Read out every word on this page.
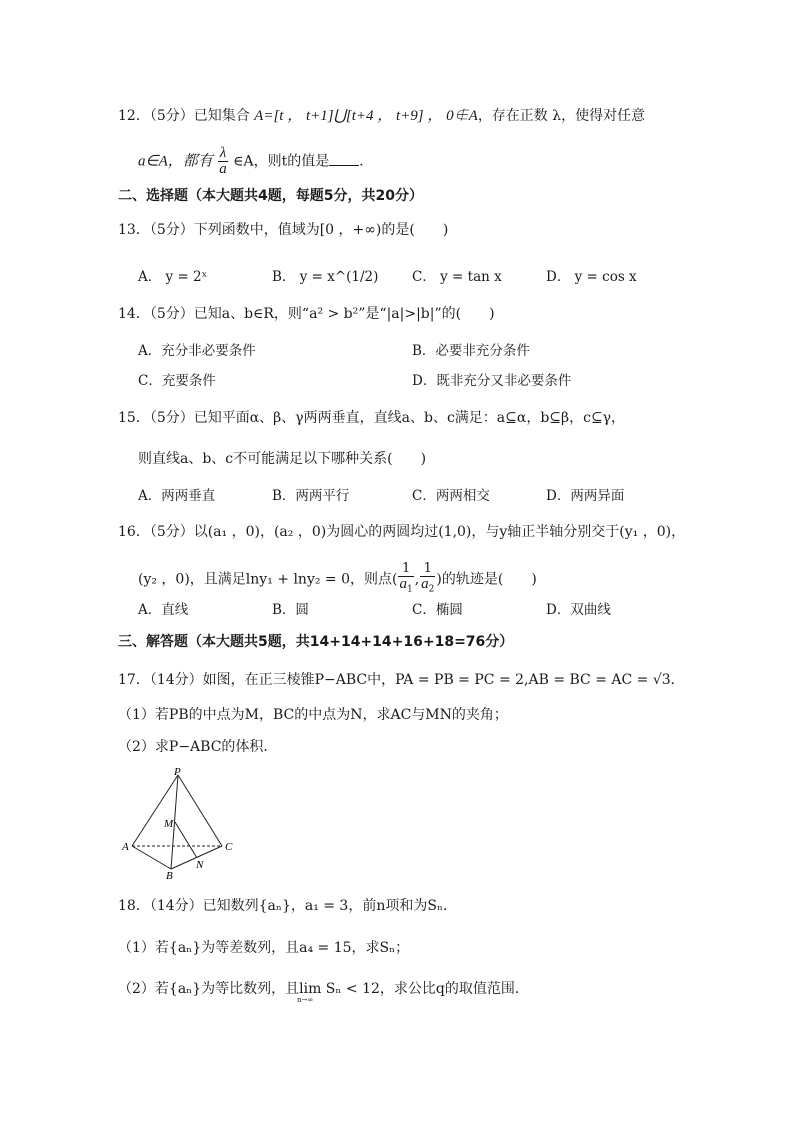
12．（5分）已知集合 A=[t ， t+1]⋃[t+4 ， t+9] ， 0∉A，存在正数 λ，使得对任意
a∈A，都有 $\frac{\lambda}{a}$ ∈A，则t的值是 ．
二、选择题（本大题共4题，每题5分，共20分）
13．（5分）下列函数中，值域为[0 ，+∞)的是(　　)
A． y = 2ˣ	B． y = x^(1/2) C． y = tan x	D． y = cos x
14．（5分）已知a、b∈R，则“a² > b²”是“|a|>|b|”的(　　)
A．充分非必要条件	B．必要非充分条件
C．充要条件	D．既非充分又非必要条件
15．（5分）已知平面α、β、γ两两垂直，直线a、b、c满足：a⊆α，b⊆β，c⊆γ，
则直线a、b、c不可能满足以下哪种关系(　　)
A．两两垂直	B．两两平行	C．两两相交	D．两两异面
16．（5分）以(a₁ ，0)，(a₂ ，0)为圆心的两圆均过(1,0)，与y轴正半轴分别交于(y₁ ，0)，
(y₂ ，0)，且满足lny₁ + lny₂ = 0，则点( $\frac{1}{a_1}$ , $\frac{1}{a_2}$ )的轨迹是(　　)
A．直线	B．圆	C．椭圆	D．双曲线
三、解答题（本大题共5题，共14+14+14+16+18=76分）
17．（14分）如图，在正三棱锥P−ABC中，PA = PB = PC = 2,AB = BC = AC = √3．
（1）若PB的中点为M，BC的中点为N，求AC与MN的夹角；
（2）求P−ABC的体积．
P
M
A	C
N
B
18．（14分）已知数列{aₙ}，a₁ = 3，前n项和为Sₙ．
（1）若{aₙ}为等差数列，且a₄ = 15，求Sₙ；
（2）若{aₙ}为等比数列，且lim Sₙ < 12，求公比q的取值范围．
n→∞
